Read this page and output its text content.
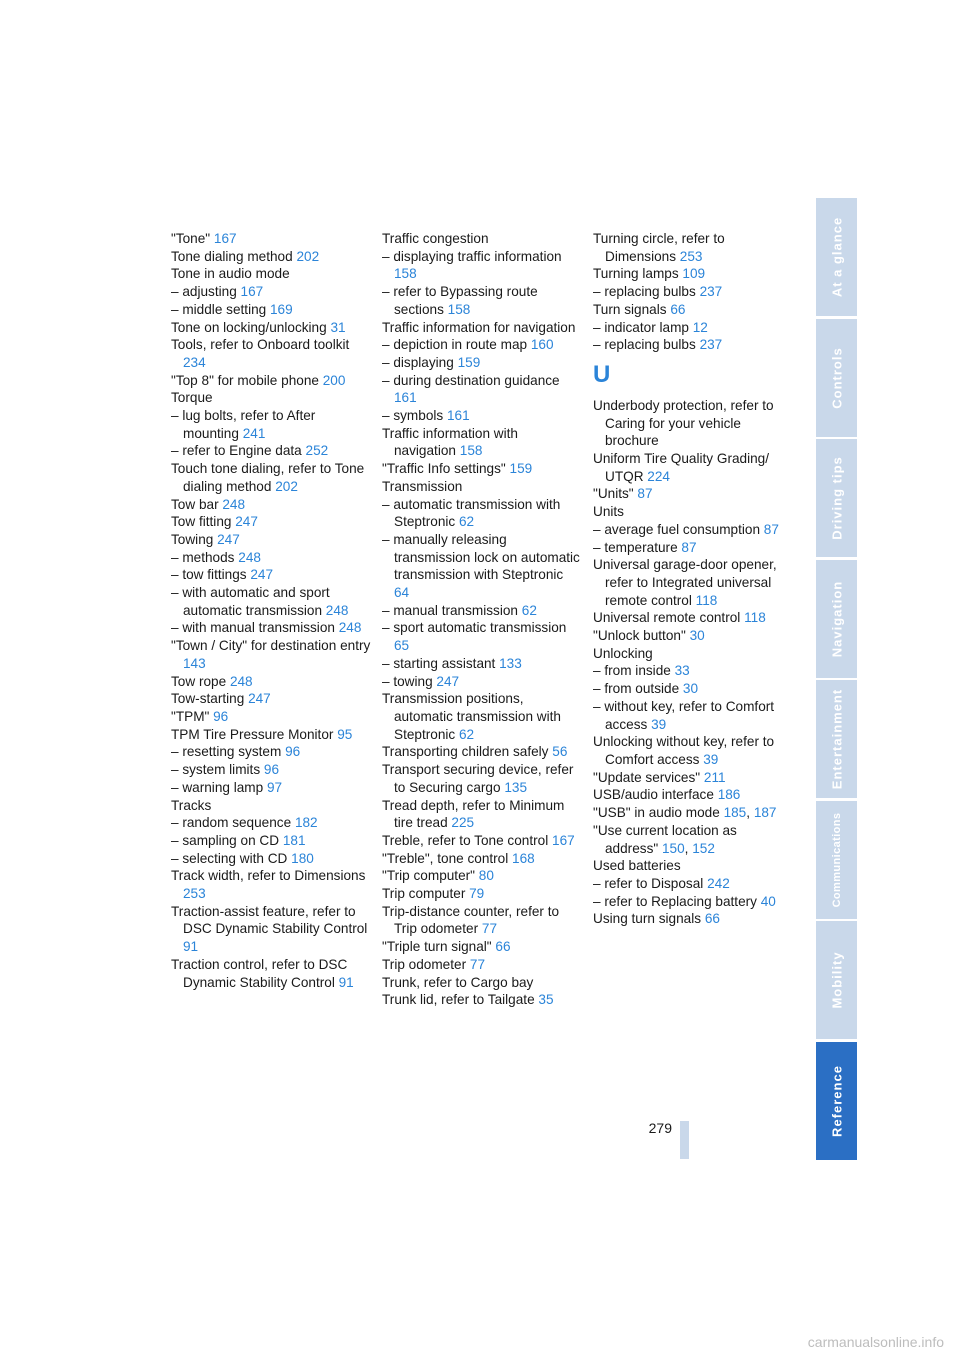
"Tone" 167
Tone dialing method 202
Tone in audio mode
– adjusting 167
– middle setting 169
Tone on locking/unlocking 31
Tools, refer to Onboard toolkit 234
"Top 8" for mobile phone 200
Torque
– lug bolts, refer to After mounting 241
– refer to Engine data 252
Touch tone dialing, refer to Tone dialing method 202
Tow bar 248
Tow fitting 247
Towing 247
– methods 248
– tow fittings 247
– with automatic and sport automatic transmission 248
– with manual transmission 248
"Town / City" for destination entry 143
Tow rope 248
Tow-starting 247
"TPM" 96
TPM Tire Pressure Monitor 95
– resetting system 96
– system limits 96
– warning lamp 97
Tracks
– random sequence 182
– sampling on CD 181
– selecting with CD 180
Track width, refer to Dimensions 253
Traction-assist feature, refer to DSC Dynamic Stability Control 91
Traction control, refer to DSC Dynamic Stability Control 91
Traffic congestion
– displaying traffic information 158
– refer to Bypassing route sections 158
Traffic information for navigation
– depiction in route map 160
– displaying 159
– during destination guidance 161
– symbols 161
Traffic information with navigation 158
"Traffic Info settings" 159
Transmission
– automatic transmission with Steptronic 62
– manually releasing transmission lock on automatic transmission with Steptronic 64
– manual transmission 62
– sport automatic transmission 65
– starting assistant 133
– towing 247
Transmission positions, automatic transmission with Steptronic 62
Transporting children safely 56
Transport securing device, refer to Securing cargo 135
Tread depth, refer to Minimum tire tread 225
Treble, refer to Tone control 167
"Treble", tone control 168
"Trip computer" 80
Trip computer 79
Trip-distance counter, refer to Trip odometer 77
"Triple turn signal" 66
Trip odometer 77
Trunk, refer to Cargo bay
Trunk lid, refer to Tailgate 35
Turning circle, refer to Dimensions 253
Turning lamps 109
– replacing bulbs 237
Turn signals 66
– indicator lamp 12
– replacing bulbs 237
U
Underbody protection, refer to Caring for your vehicle brochure
Uniform Tire Quality Grading/ UTQR 224
"Units" 87
Units
– average fuel consumption 87
– temperature 87
Universal garage-door opener, refer to Integrated universal remote control 118
Universal remote control 118
"Unlock button" 30
Unlocking
– from inside 33
– from outside 30
– without key, refer to Comfort access 39
Unlocking without key, refer to Comfort access 39
"Update services" 211
USB/audio interface 186
"USB" in audio mode 185, 187
"Use current location as address" 150, 152
Used batteries
– refer to Disposal 242
– refer to Replacing battery 40
Using turn signals 66
At a glance
Controls
Driving tips
Navigation
Entertainment
Communications
Mobility
Reference
279
carmanualsonline.info
